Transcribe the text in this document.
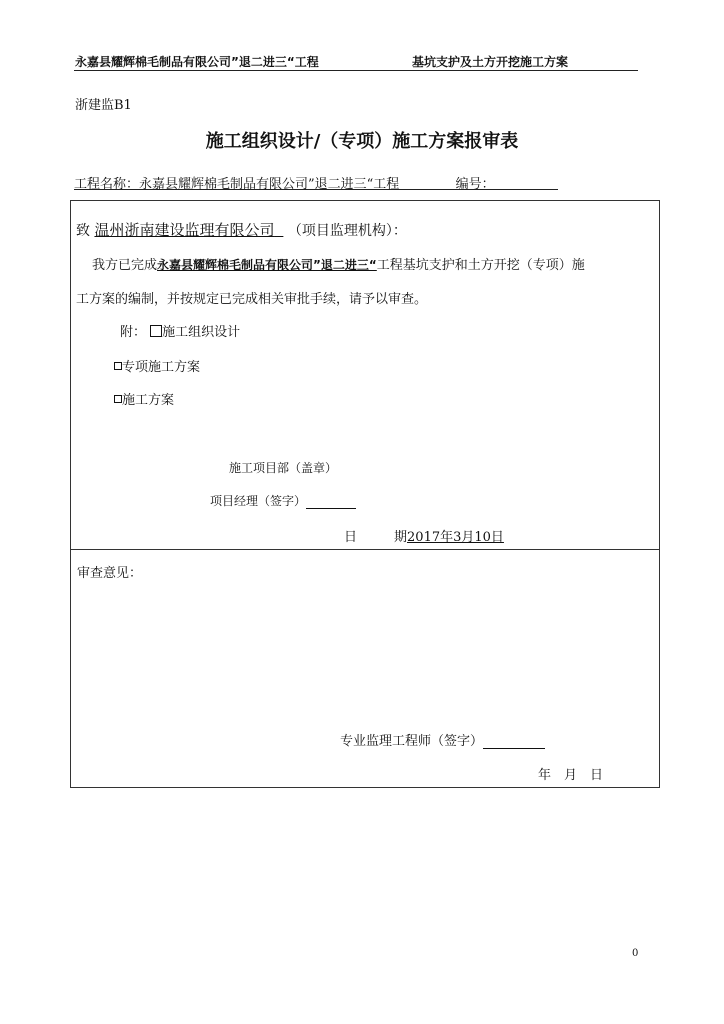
永嘉县耀辉棉毛制品有限公司”退二进三“工程	基坑支护及土方开挖施工方案
浙建监B1
施工组织设计/（专项）施工方案报审表
工程名称：永嘉县耀辉棉毛制品有限公司”退二进三“工程	编号：
致 温州浙南建设监理有限公司 （项目监理机构）：
我方已完成永嘉县耀辉棉毛制品有限公司”退二进三“工程基坑支护和土方开挖（专项）施
工方案的编制，并按规定已完成相关审批手续，请予以审查。
附： 施工组织设计
专项施工方案
施工方案
施工项目部（盖章）
项目经理（签字）
日	期2017年3月10日
审查意见：
专业监理工程师（签字）
年　月　日
0
